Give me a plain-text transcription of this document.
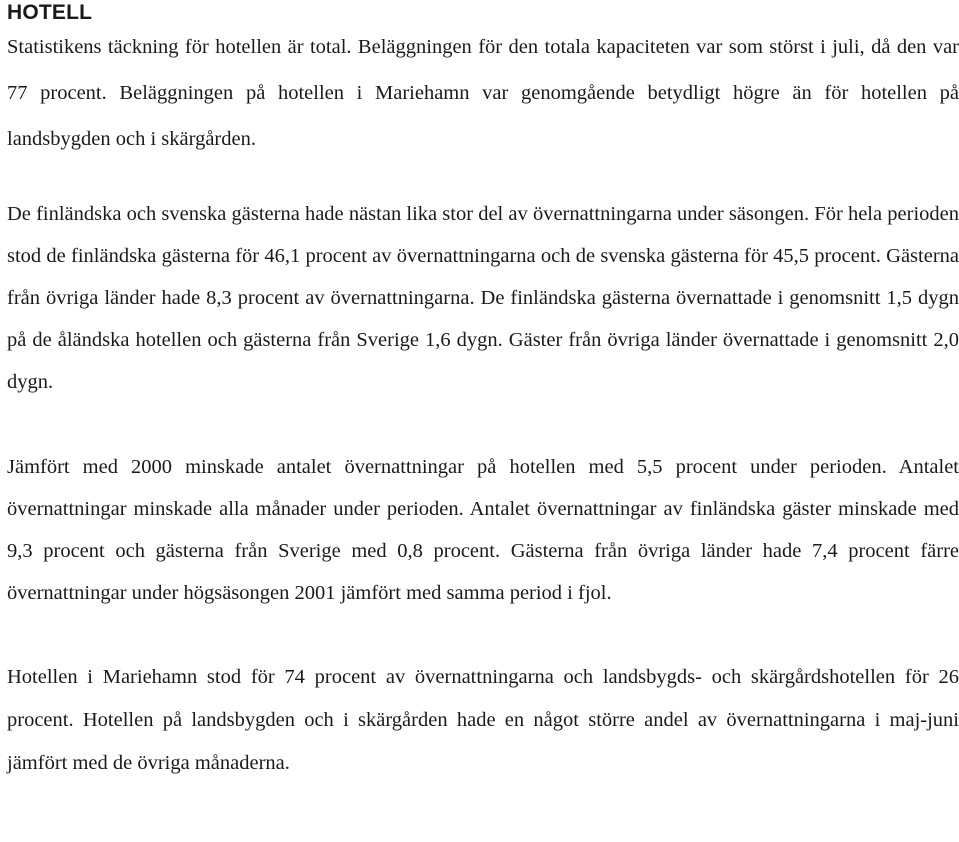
HOTELL

Statistikens täckning för hotellen är total. Beläggningen för den totala kapaciteten var som störst i juli, då den var 77 procent. Beläggningen på hotellen i Mariehamn var genomgående betydligt högre än för hotellen på landsbygden och i skärgården.

De finländska och svenska gästerna hade nästan lika stor del av övernattningarna under säsongen. För hela perioden stod de finländska gästerna för 46,1 procent av övernattningarna och de svenska gästerna för 45,5 procent. Gästerna från övriga länder hade 8,3 procent av övernattningarna. De finländska gästerna övernattade i genomsnitt 1,5 dygn på de åländska hotellen och gästerna från Sverige 1,6 dygn. Gäster från övriga länder övernattade i genomsnitt 2,0 dygn.

Jämfört med 2000 minskade antalet övernattningar på hotellen med 5,5 procent under perioden. Antalet övernattningar minskade alla månader under perioden. Antalet övernattningar av finländska gäster minskade med 9,3 procent och gästerna från Sverige med 0,8 procent. Gästerna från övriga länder hade 7,4 procent färre övernattningar under högsäsongen 2001 jämfört med samma period i fjol.

Hotellen i Mariehamn stod för 74 procent av övernattningarna och landsbygds- och skärgårdshotellen för 26 procent. Hotellen på landsbygden och i skärgården hade en något större andel av övernattningarna i maj-juni jämfört med de övriga månaderna.
